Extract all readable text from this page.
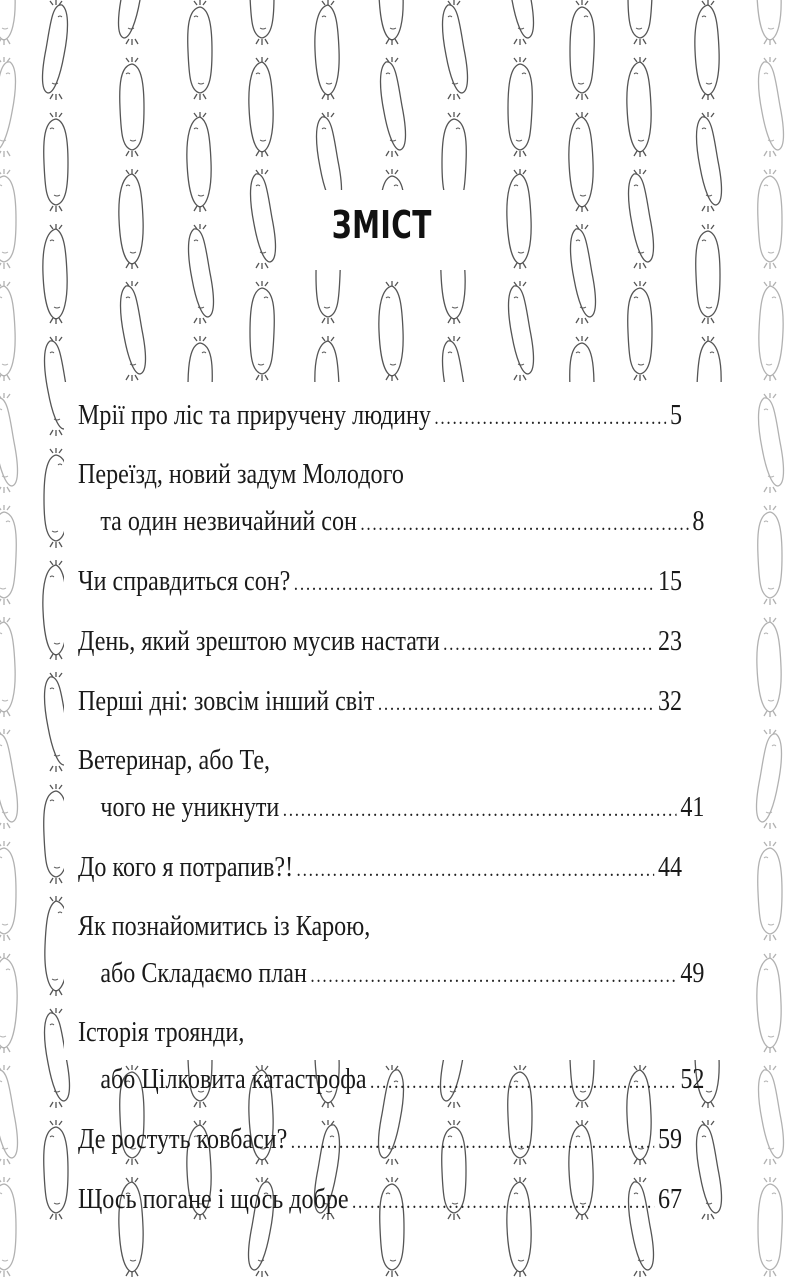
ЗМІСТ
Мрії про ліс та приручену людину .....	5
Переїзд, новий задум Молодого
та один незвичайний сон .....	8
Чи справдиться сон? .....	15
День, який зрештою мусив настати .....	23
Перші дні: зовсім інший світ .....	32
Ветеринар, або Те,
чого не уникнути .....	41
До кого я потрапив?! .....	44
Як познайомитись із Карою,
або Складаємо план .....	49
Історія троянди,
або Цілковита катастрофа .....	52
Де ростуть ковбаси? .....	59
Щось погане і щось добре .....	67
